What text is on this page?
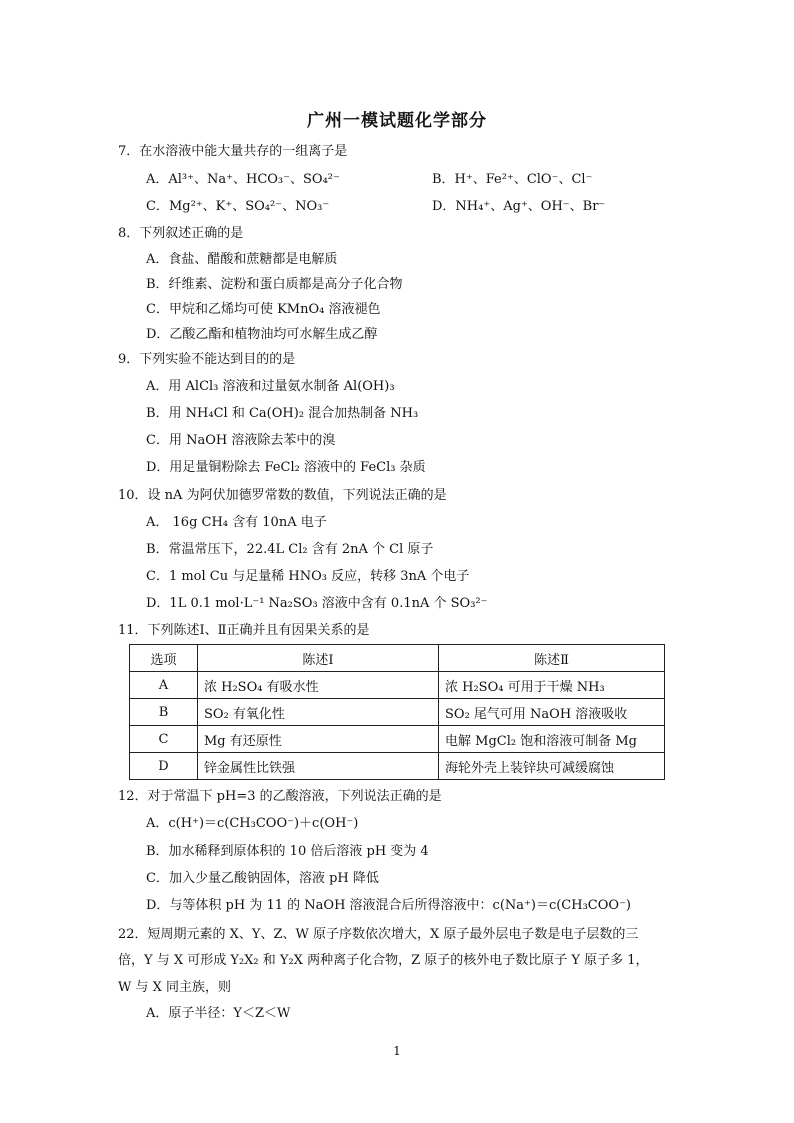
广州一模试题化学部分
7．在水溶液中能大量共存的一组离子是
A．Al³⁺、Na⁺、HCO₃⁻、SO₄²⁻	B．H⁺、Fe²⁺、ClO⁻、Cl⁻
C．Mg²⁺、K⁺、SO₄²⁻、NO₃⁻	D．NH₄⁺、Ag⁺、OH⁻、Br⁻
8．下列叙述正确的是
A．食盐、醋酸和蔗糖都是电解质
B．纤维素、淀粉和蛋白质都是高分子化合物
C．甲烷和乙烯均可使 KMnO₄ 溶液褪色
D．乙酸乙酯和植物油均可水解生成乙醇
9．下列实验不能达到目的的是
A．用 AlCl₃ 溶液和过量氨水制备 Al(OH)₃
B．用 NH₄Cl 和 Ca(OH)₂ 混合加热制备 NH₃
C．用 NaOH 溶液除去苯中的溴
D．用足量铜粉除去 FeCl₂ 溶液中的 FeCl₃ 杂质
10．设 nA 为阿伏加德罗常数的数值，下列说法正确的是
A． 16g CH₄ 含有 10nA 电子
B．常温常压下，22.4L Cl₂ 含有 2nA 个 Cl 原子
C．1 mol Cu 与足量稀 HNO₃ 反应，转移 3nA 个电子
D．1L 0.1 mol·L⁻¹ Na₂SO₃ 溶液中含有 0.1nA 个 SO₃²⁻
11．下列陈述Ⅰ、Ⅱ正确并且有因果关系的是
选项	陈述Ⅰ	陈述Ⅱ
A	浓 H₂SO₄ 有吸水性	浓 H₂SO₄ 可用于干燥 NH₃
B	SO₂ 有氧化性	SO₂ 尾气可用 NaOH 溶液吸收
C	Mg 有还原性	电解 MgCl₂ 饱和溶液可制备 Mg
D	锌金属性比铁强	海轮外壳上装锌块可减缓腐蚀
12．对于常温下 pH=3 的乙酸溶液，下列说法正确的是
A．c(H⁺)＝c(CH₃COO⁻)＋c(OH⁻)
B．加水稀释到原体积的 10 倍后溶液 pH 变为 4
C．加入少量乙酸钠固体，溶液 pH 降低
D．与等体积 pH 为 11 的 NaOH 溶液混合后所得溶液中：c(Na⁺)＝c(CH₃COO⁻)
22．短周期元素的 X、Y、Z、W 原子序数依次增大，X 原子最外层电子数是电子层数的三
倍，Y 与 X 可形成 Y₂X₂ 和 Y₂X 两种离子化合物，Z 原子的核外电子数比原子 Y 原子多 1，
W 与 X 同主族，则
A．原子半径：Y＜Z＜W
1
